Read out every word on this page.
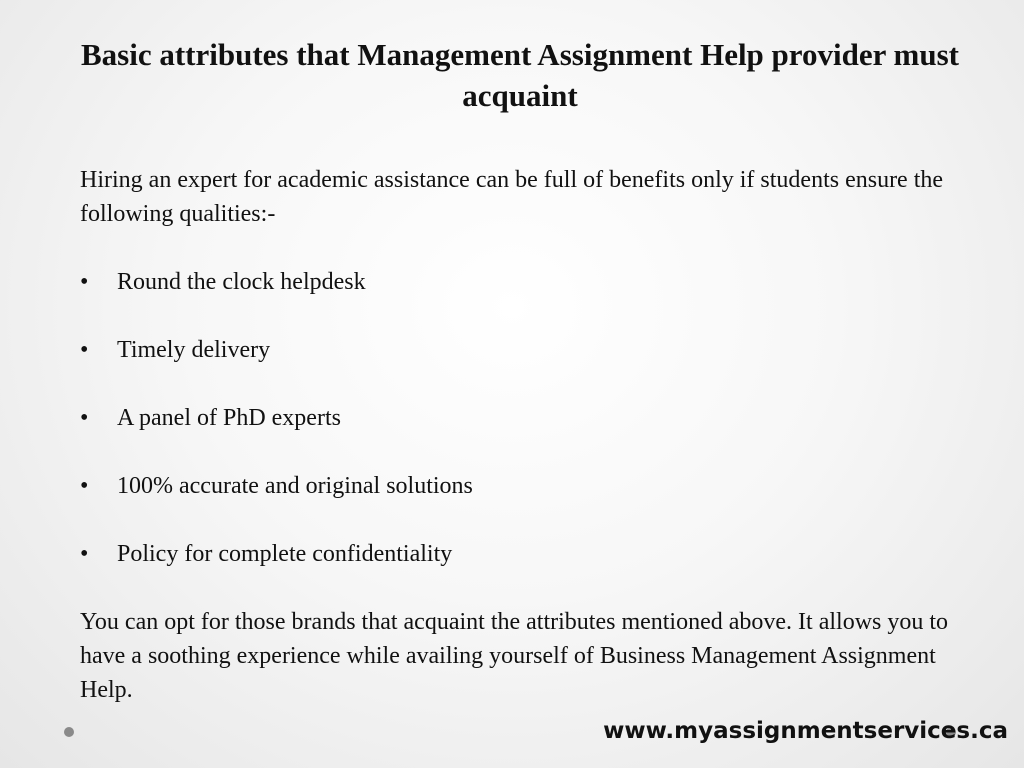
Basic attributes that Management Assignment Help provider must acquaint

Hiring an expert for academic assistance can be full of benefits only if students ensure the following qualities:-

•	Round the clock helpdesk
•	Timely delivery
•	A panel of PhD experts
•	100% accurate and original solutions
•	Policy for complete confidentiality

You can opt for those brands that acquaint the attributes mentioned above. It allows you to have a soothing experience while availing yourself of Business Management Assignment Help.

www.myassignmentservices.ca
